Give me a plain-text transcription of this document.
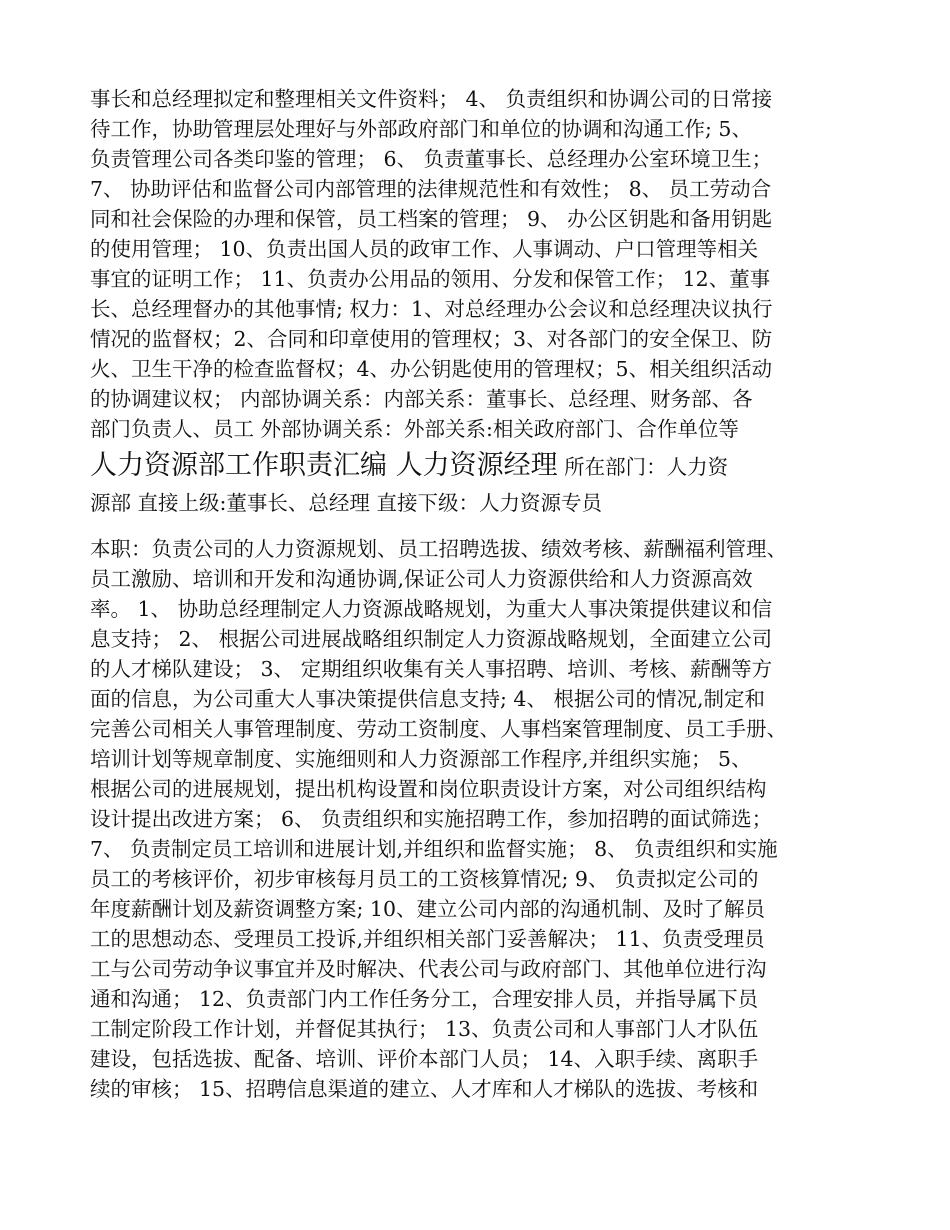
事长和总经理拟定和整理相关文件资料； 4、 负责组织和协调公司的日常接
待工作，协助管理层处理好与外部政府部门和单位的协调和沟通工作; 5、
负责管理公司各类印鉴的管理； 6、 负责董事长、总经理办公室环境卫生；
7、 协助评估和监督公司内部管理的法律规范性和有效性； 8、 员工劳动合
同和社会保险的办理和保管，员工档案的管理； 9、 办公区钥匙和备用钥匙
的使用管理； 10、负责出国人员的政审工作、人事调动、户口管理等相关
事宜的证明工作； 11、负责办公用品的领用、分发和保管工作； 12、董事
长、总经理督办的其他事情; 权力：1、对总经理办公会议和总经理决议执行
情况的监督权；2、合同和印章使用的管理权；3、对各部门的安全保卫、防
火、卫生干净的检查监督权；4、办公钥匙使用的管理权；5、相关组织活动
的协调建议权； 内部协调关系：内部关系：董事长、总经理、财务部、各
部门负责人、员工 外部协调关系：外部关系:相关政府部门、合作单位等
人力资源部工作职责汇编 人力资源经理 所在部门：人力资
源部 直接上级:董事长、总经理 直接下级：人力资源专员
本职：负责公司的人力资源规划、员工招聘选拔、绩效考核、薪酬福利管理、
员工激励、培训和开发和沟通协调,保证公司人力资源供给和人力资源高效
率。 1、 协助总经理制定人力资源战略规划，为重大人事决策提供建议和信
息支持； 2、 根据公司进展战略组织制定人力资源战略规划，全面建立公司
的人才梯队建设； 3、 定期组织收集有关人事招聘、培训、考核、薪酬等方
面的信息，为公司重大人事决策提供信息支持; 4、 根据公司的情况,制定和
完善公司相关人事管理制度、劳动工资制度、人事档案管理制度、员工手册、
培训计划等规章制度、实施细则和人力资源部工作程序,并组织实施； 5、
根据公司的进展规划，提出机构设置和岗位职责设计方案，对公司组织结构
设计提出改进方案； 6、 负责组织和实施招聘工作，参加招聘的面试筛选；
7、 负责制定员工培训和进展计划,并组织和监督实施； 8、 负责组织和实施
员工的考核评价，初步审核每月员工的工资核算情况; 9、 负责拟定公司的
年度薪酬计划及薪资调整方案; 10、建立公司内部的沟通机制、及时了解员
工的思想动态、受理员工投诉,并组织相关部门妥善解决； 11、负责受理员
工与公司劳动争议事宜并及时解决、代表公司与政府部门、其他单位进行沟
通和沟通； 12、负责部门内工作任务分工，合理安排人员，并指导属下员
工制定阶段工作计划，并督促其执行； 13、负责公司和人事部门人才队伍
建设，包括选拔、配备、培训、评价本部门人员； 14、入职手续、离职手
续的审核； 15、招聘信息渠道的建立、人才库和人才梯队的选拔、考核和
